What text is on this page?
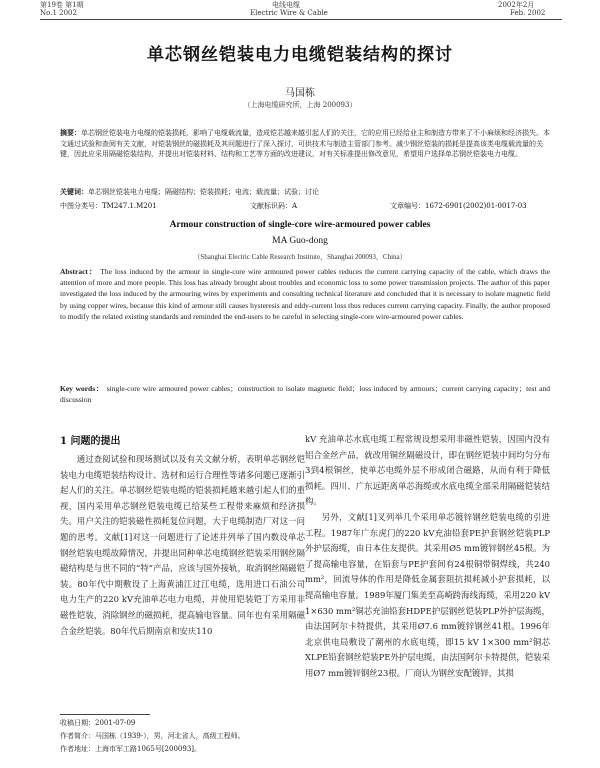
第19卷 第1期
No.1 2002
电线电缆
Electric Wire & Cable
2002年2月
Feb. 2002
单芯钢丝铠装电力电缆铠装结构的探讨
马国栋
（上海电缆研究所，上海 200093）
摘要：单芯钢丝铠装电力电缆的铠装损耗，影响了电缆载流量，造成铠芯越来越引起人们的关注，它的应用已经给业主和制造方带来了不小麻烦和经济损失。本文通过试验和查阅有关文献，对铠装钢丝的磁损耗及其问题进行了深入探讨，可供技术与制造主管部门参考。减少钢丝铠装的损耗是提高该类电缆载流量的关键，因此应采用隔磁铠装结构，并提出对铠装材料、结构和工艺等方面的改进建议，对有关标准提出修改意见，希望用户选择单芯钢丝铠装电力电缆。
关键词：单芯钢丝铠装电力电缆；隔磁结构；铠装损耗；电流；载流量；试验；讨论
中图分类号：TM247.1.M201	文献标识码：A	文章编号：1672-6901(2002)01-0017-03
Armour construction of single-core wire-armoured power cables
MA Guo-dong
（Shanghai Electric Cable Research Institute，Shanghai 200093，China）
Abstract： The loss induced by the armour in single-core wire armoured power cables reduces the current carrying capacity of the cable, which draws the attention of more and more people. This loss has already brought about troubles and economic loss to some power transmission projects. The author of this paper investigated the loss induced by the armouring wires by experiments and consulting technical literature and concluded that it is necessary to isolate magnetic field by using copper wires, because this kind of armour still causes hysteresis and eddy-current loss thus reduces current carrying capacity. Finally, the author proposed to modify the related existing standards and reminded the end-users to be careful in selecting single-core wire-armoured power cables.
Key words： single-core wire armoured power cables；construction to isolate magnetic field；loss induced by armours；current carrying capacity；test and discussion
1 问题的提出

通过查阅试验和现场测试以及有关文献分析，表明单芯钢丝铠装电力电缆铠装结构设计、选材和运行合理性等诸多问题已逐渐引起人们的关注。单芯钢丝铠装电缆的铠装损耗越来越引起人们的重视，国内采用单芯钢丝铠装电缆已给某些工程带来麻烦和经济损失。用户关注的铠装磁性损耗复位问题，大于电缆制造厂对这一问题的思考。文献[1]对这一问题进行了论述并列举了国内数设单芯钢丝铠装电缆故障情况，并提出同种单芯电缆钢丝铠装采用钢丝隔磁结构是与世不同的“特”产品，应该与国外接轨，取消钢丝隔磁铠装。80年代中期敷设了上海黄浦江过江电缆，选用进口石油公司电力生产的220 kV充油单芯电力电缆，并使用铠装铠丁方采用非磁性铠装，消除钢丝的磁损耗，提高输电容量。同年也有采用隔磁合金丝铠装。80年代后期南京和安庆110

kV 充油单芯水底电缆工程常规设想采用非磁性铠装，因国内没有铝合金丝产品，就改用铜丝隔磁设计，即在钢丝铠装中间均匀分布3到4根铜丝，使单芯电缆外层不形成闭合磁路，从而有利于降低损耗。四川、广东远距离单芯海缆或水底电缆全部采用隔磁铠装结构。

另外，文献[1]叉列举几个采用单芯镀锌钢丝铠装电缆的引进工程。1987年广东虎门的220 kV充油铅套PE护套钢丝铠装PLP外护层海缆，由日本住友提供。其采用Ø5 mm镀锌钢丝45根。为了提高输电容量，在铅套与PE护套间有24根铜带铜焊线，共240 mm²，回流导体的作用是降低金属套阻抗损耗减小护套损耗，以提高输电容量。1989年厦门集美至高崎跨海线海缆，采用220 kV 1×630 mm²铜芯充油铅套HDPE护层钢丝铠装PLP外护层海缆，由法国阿尔卡特提供，其采用Ø7.6 mm镀锌钢丝41根。1996年北京供电局敷设了潮州的水底电缆，即15 kV 1×300 mm²铜芯XLPE铅套钢丝铠装PE外护层电缆，由法国阿尔卡特提供，铠装采用Ø7 mm镀锌钢丝23根。厂商认为钢丝安配镀锌，其损

收稿日期：2001-07-09
作者简介：马国栋（1939-），男，河北省人，高级工程师。
作者地址：上海市军工路1065号[200093]。
